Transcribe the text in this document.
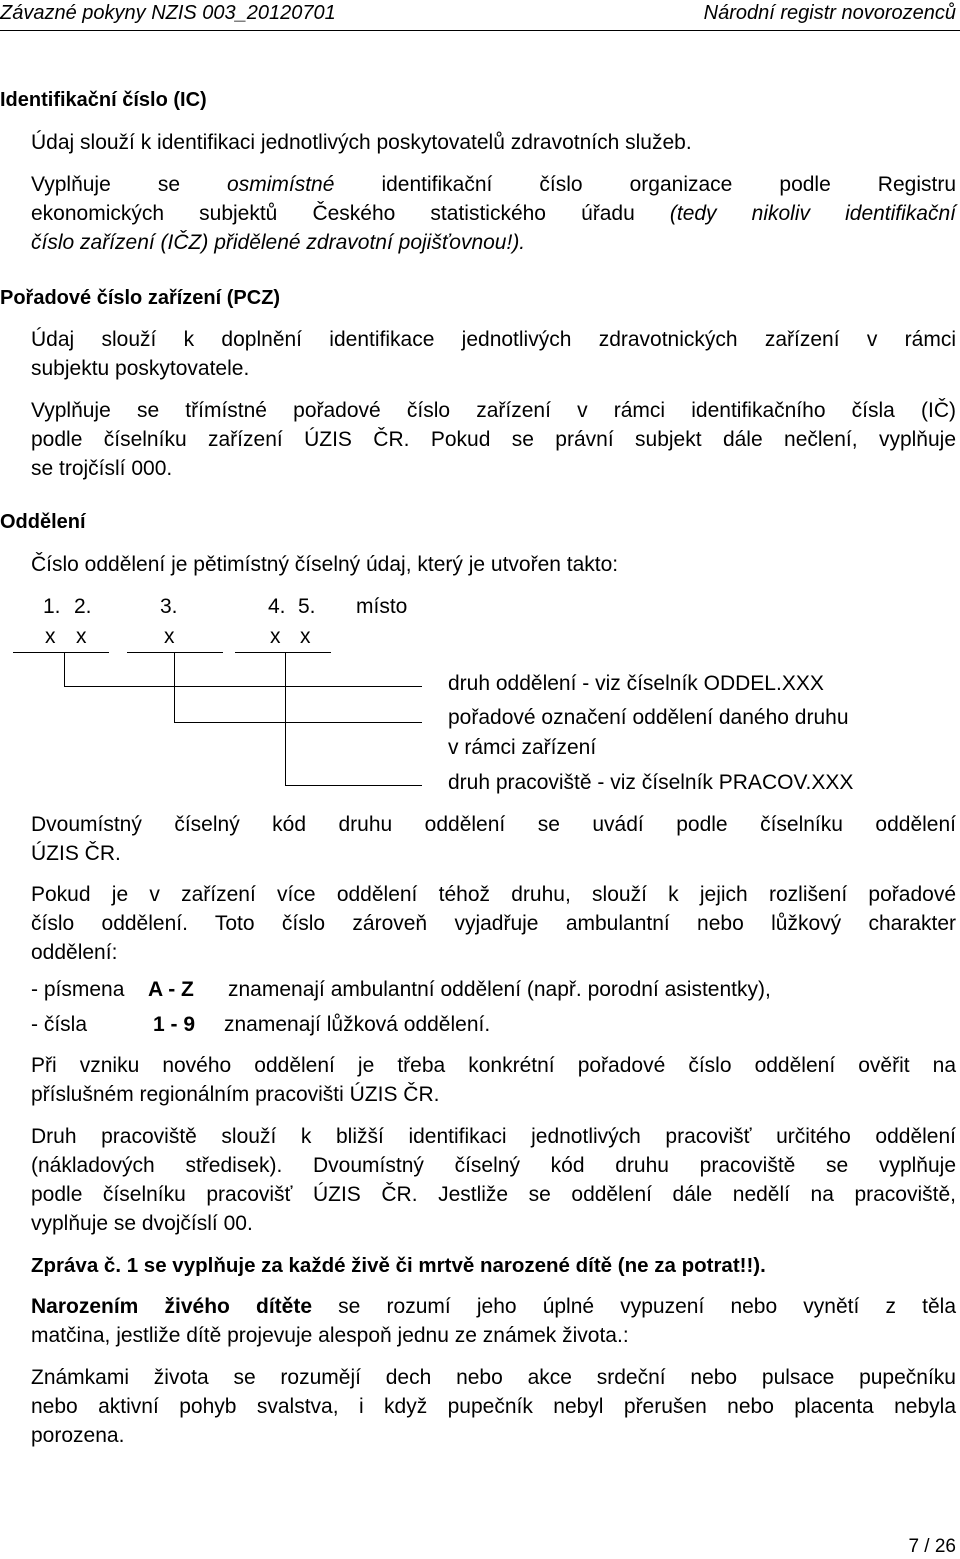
Závazné pokyny NZIS 003_20120701	Národní registr novorozenců
Identifikační číslo (IC)
Údaj slouží k identifikaci jednotlivých poskytovatelů zdravotních služeb.
Vyplňuje se osmimístné identifikační číslo organizace podle Registru
ekonomických subjektů Českého statistického úřadu (tedy nikoliv identifikační
číslo zařízení (IČZ) přidělené zdravotní pojišťovnou!).
Pořadové číslo zařízení (PCZ)
Údaj slouží k doplnění identifikace jednotlivých zdravotnických zařízení v rámci
subjektu poskytovatele.
Vyplňuje se třímístné pořadové číslo zařízení v rámci identifikačního čísla (IČ)
podle číselníku zařízení ÚZIS ČR. Pokud se právní subjekt dále nečlení, vyplňuje
se trojčíslí 000.
Oddělení
Číslo oddělení je pětimístný číselný údaj, který je utvořen takto:
1. 2.	3.	4. 5. místo
x x	x	x x
druh oddělení - viz číselník ODDEL.XXX
pořadové označení oddělení daného druhu
v rámci zařízení
druh pracoviště - viz číselník PRACOV.XXX
Dvoumístný číselný kód druhu oddělení se uvádí podle číselníku oddělení
ÚZIS ČR.
Pokud je v zařízení více oddělení téhož druhu, slouží k jejich rozlišení pořadové
číslo oddělení. Toto číslo zároveň vyjadřuje ambulantní nebo lůžkový charakter
oddělení:
- písmena A - Z znamenají ambulantní oddělení (např. porodní asistentky),
- čísla	1 - 9 znamenají lůžková oddělení.
Při vzniku nového oddělení je třeba konkrétní pořadové číslo oddělení ověřit na
příslušném regionálním pracovišti ÚZIS ČR.
Druh pracoviště slouží k bližší identifikaci jednotlivých pracovišť určitého oddělení
(nákladových středisek). Dvoumístný číselný kód druhu pracoviště se vyplňuje
podle číselníku pracovišť ÚZIS ČR. Jestliže se oddělení dále nedělí na pracoviště,
vyplňuje se dvojčíslí 00.
Zpráva č. 1 se vyplňuje za každé živě či mrtvě narozené dítě (ne za potrat!!).
Narozením živého dítěte se rozumí jeho úplné vypuzení nebo vynětí z těla
matčina, jestliže dítě projevuje alespoň jednu ze známek života.:
Známkami života se rozumějí dech nebo akce srdeční nebo pulsace pupečníku
nebo aktivní pohyb svalstva, i když pupečník nebyl přerušen nebo placenta nebyla
porozena.
7 / 26
